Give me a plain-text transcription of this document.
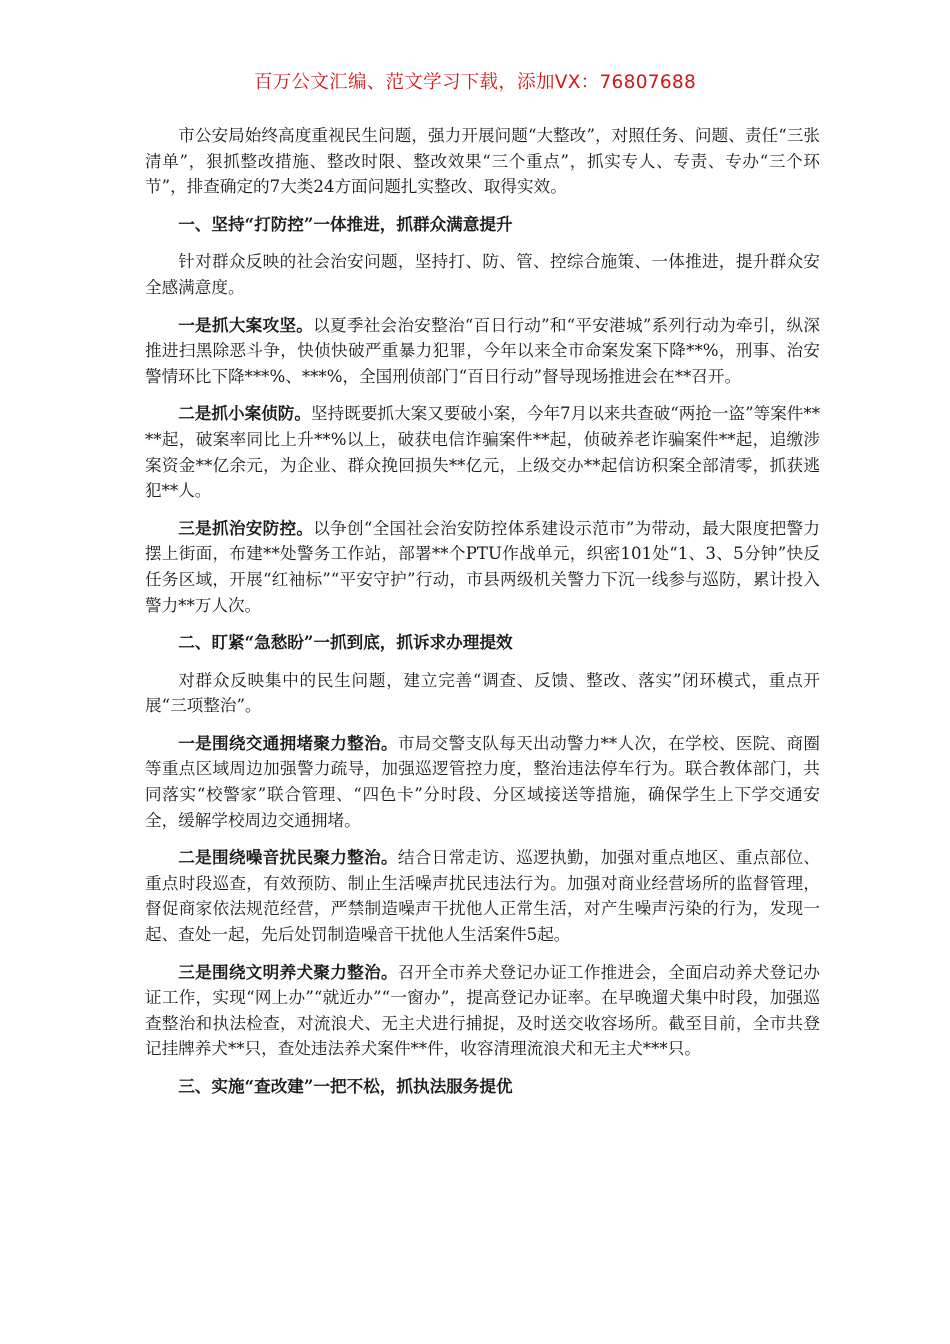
百万公文汇编、范文学习下载，添加VX：76807688

市公安局始终高度重视民生问题，强力开展问题“大整改”，对照任务、问题、责任“三张清单”，狠抓整改措施、整改时限、整改效果“三个重点”，抓实专人、专责、专办“三个环节”，排查确定的7大类24方面问题扎实整改、取得实效。

一、坚持“打防控”一体推进，抓群众满意提升

针对群众反映的社会治安问题，坚持打、防、管、控综合施策、一体推进，提升群众安全感满意度。

一是抓大案攻坚。以夏季社会治安整治“百日行动”和“平安港城”系列行动为牵引，纵深推进扫黑除恶斗争，快侦快破严重暴力犯罪，今年以来全市命案发案下降**%，刑事、治安警情环比下降***%、***%，全国刑侦部门“百日行动”督导现场推进会在**召开。

二是抓小案侦防。坚持既要抓大案又要破小案，今年7月以来共查破“两抢一盗”等案件****起，破案率同比上升**%以上，破获电信诈骗案件**起，侦破养老诈骗案件**起，追缴涉案资金**亿余元，为企业、群众挽回损失**亿元，上级交办**起信访积案全部清零，抓获逃犯**人。

三是抓治安防控。以争创“全国社会治安防控体系建设示范市”为带动，最大限度把警力摆上街面，布建**处警务工作站，部署**个PTU作战单元，织密101处“1、3、5分钟”快反任务区域，开展“红袖标”“平安守护”行动，市县两级机关警力下沉一线参与巡防，累计投入警力**万人次。

二、盯紧“急愁盼”一抓到底，抓诉求办理提效

对群众反映集中的民生问题，建立完善“调查、反馈、整改、落实”闭环模式，重点开展“三项整治”。

一是围绕交通拥堵聚力整治。市局交警支队每天出动警力**人次，在学校、医院、商圈等重点区域周边加强警力疏导，加强巡逻管控力度，整治违法停车行为。联合教体部门，共同落实“校警家”联合管理、“四色卡”分时段、分区域接送等措施，确保学生上下学交通安全，缓解学校周边交通拥堵。

二是围绕噪音扰民聚力整治。结合日常走访、巡逻执勤，加强对重点地区、重点部位、重点时段巡查，有效预防、制止生活噪声扰民违法行为。加强对商业经营场所的监督管理，督促商家依法规范经营，严禁制造噪声干扰他人正常生活，对产生噪声污染的行为，发现一起、查处一起，先后处罚制造噪音干扰他人生活案件5起。

三是围绕文明养犬聚力整治。召开全市养犬登记办证工作推进会，全面启动养犬登记办证工作，实现“网上办”“就近办”“一窗办”，提高登记办证率。在早晚遛犬集中时段，加强巡查整治和执法检查，对流浪犬、无主犬进行捕捉，及时送交收容场所。截至目前，全市共登记挂牌养犬**只，查处违法养犬案件**件，收容清理流浪犬和无主犬***只。

三、实施“查改建”一把不松，抓执法服务提优
